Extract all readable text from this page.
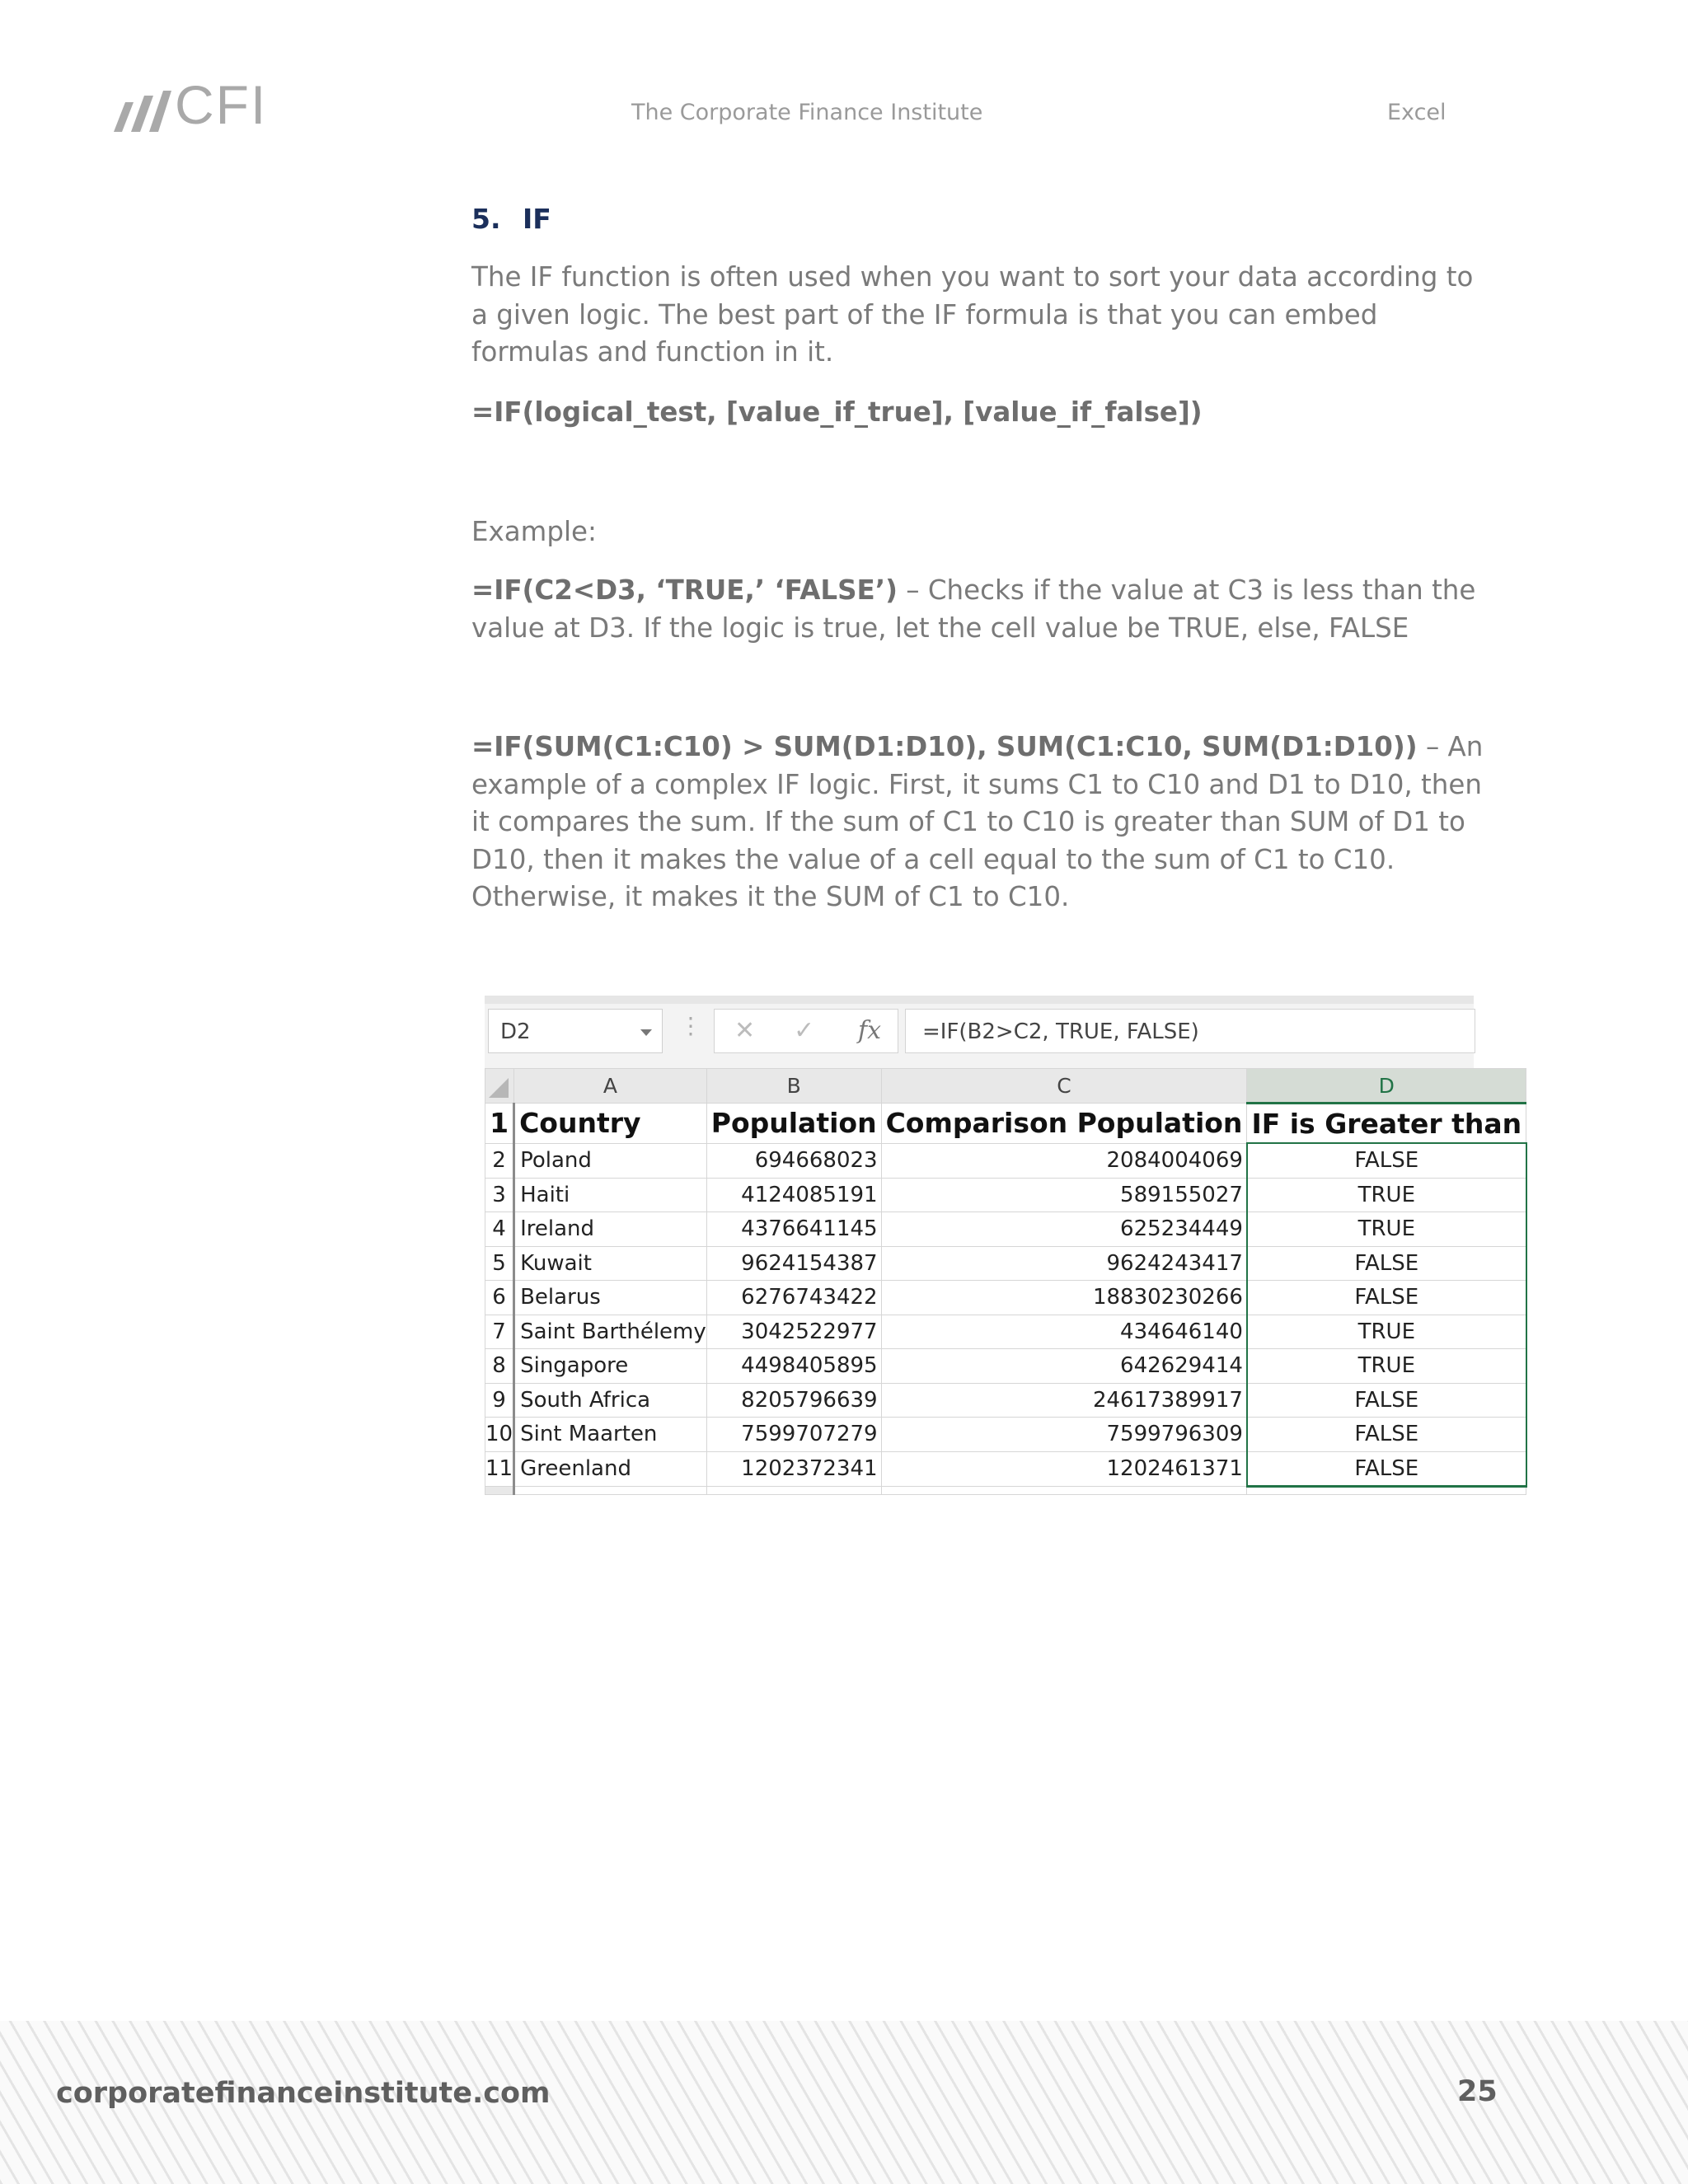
CFI	The Corporate Finance Institute	Excel
5. IF
The IF function is often used when you want to sort your data according to a given logic. The best part of the IF formula is that you can embed formulas and function in it.
=IF(logical_test, [value_if_true], [value_if_false])
Example:
=IF(C2<D3, ‘TRUE,’ ‘FALSE’) – Checks if the value at C3 is less than the value at D3. If the logic is true, let the cell value be TRUE, else, FALSE
=IF(SUM(C1:C10) > SUM(D1:D10), SUM(C1:C10, SUM(D1:D10)) – An example of a complex IF logic. First, it sums C1 to C10 and D1 to D10, then it compares the sum. If the sum of C1 to C10 is greater than SUM of D1 to D10, then it makes the value of a cell equal to the sum of C1 to C10. Otherwise, it makes it the SUM of C1 to C10.
D2	⋮ ✕ ✓ fx =IF(B2>C2, TRUE, FALSE)
	A	B	C	D
1	Country	Population	Comparison Population	IF is Greater than
2	Poland	694668023	2084004069	FALSE
3	Haiti	4124085191	589155027	TRUE
4	Ireland	4376641145	625234449	TRUE
5	Kuwait	9624154387	9624243417	FALSE
6	Belarus	6276743422	18830230266	FALSE
7	Saint Barthélemy	3042522977	434646140	TRUE
8	Singapore	4498405895	642629414	TRUE
9	South Africa	8205796639	24617389917	FALSE
10	Sint Maarten	7599707279	7599796309	FALSE
11	Greenland	1202372341	1202461371	FALSE

corporatefinanceinstitute.com	25
